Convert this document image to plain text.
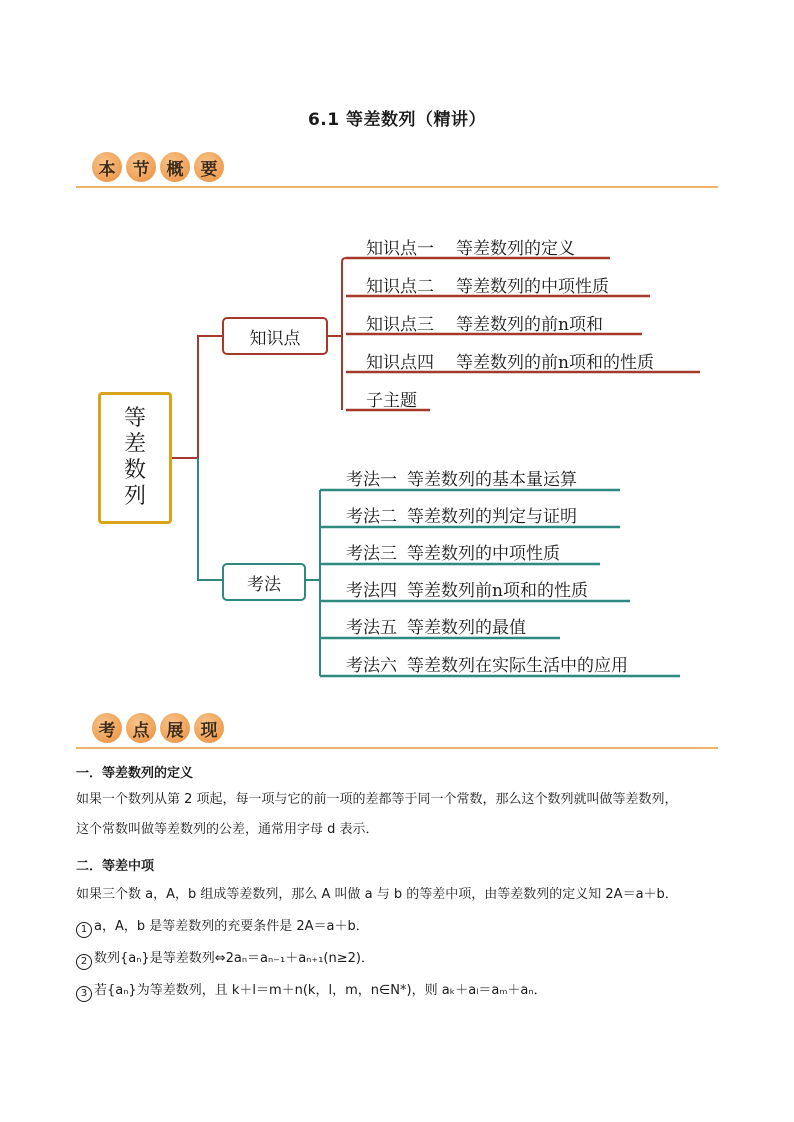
6.1 等差数列（精讲）
本	节	概	要
等
差
数
列
知识点
考法
知识点一 等差数列的定义
知识点二 等差数列的中项性质
知识点三 等差数列的前n项和
知识点四 等差数列的前n项和的性质
子主题
考法一 等差数列的基本量运算
考法二 等差数列的判定与证明
考法三 等差数列的中项性质
考法四 等差数列前n项和的性质
考法五 等差数列的最值
考法六 等差数列在实际生活中的应用
考	点	展	现
一．等差数列的定义
如果一个数列从第 2 项起，每一项与它的前一项的差都等于同一个常数，那么这个数列就叫做等差数列，
这个常数叫做等差数列的公差，通常用字母 d 表示．
二．等差中项
如果三个数 a，A，b 组成等差数列，那么 A 叫做 a 与 b 的等差中项，由等差数列的定义知 2A＝a＋b．
1 a，A，b 是等差数列的充要条件是 2A＝a＋b．
2 数列{aₙ}是等差数列⇔2aₙ＝aₙ₋₁＋aₙ₊₁(n≥2)．
3 若{aₙ}为等差数列，且 k＋l＝m＋n(k，l，m，n∈N*)，则 aₖ＋aₗ＝aₘ＋aₙ．
